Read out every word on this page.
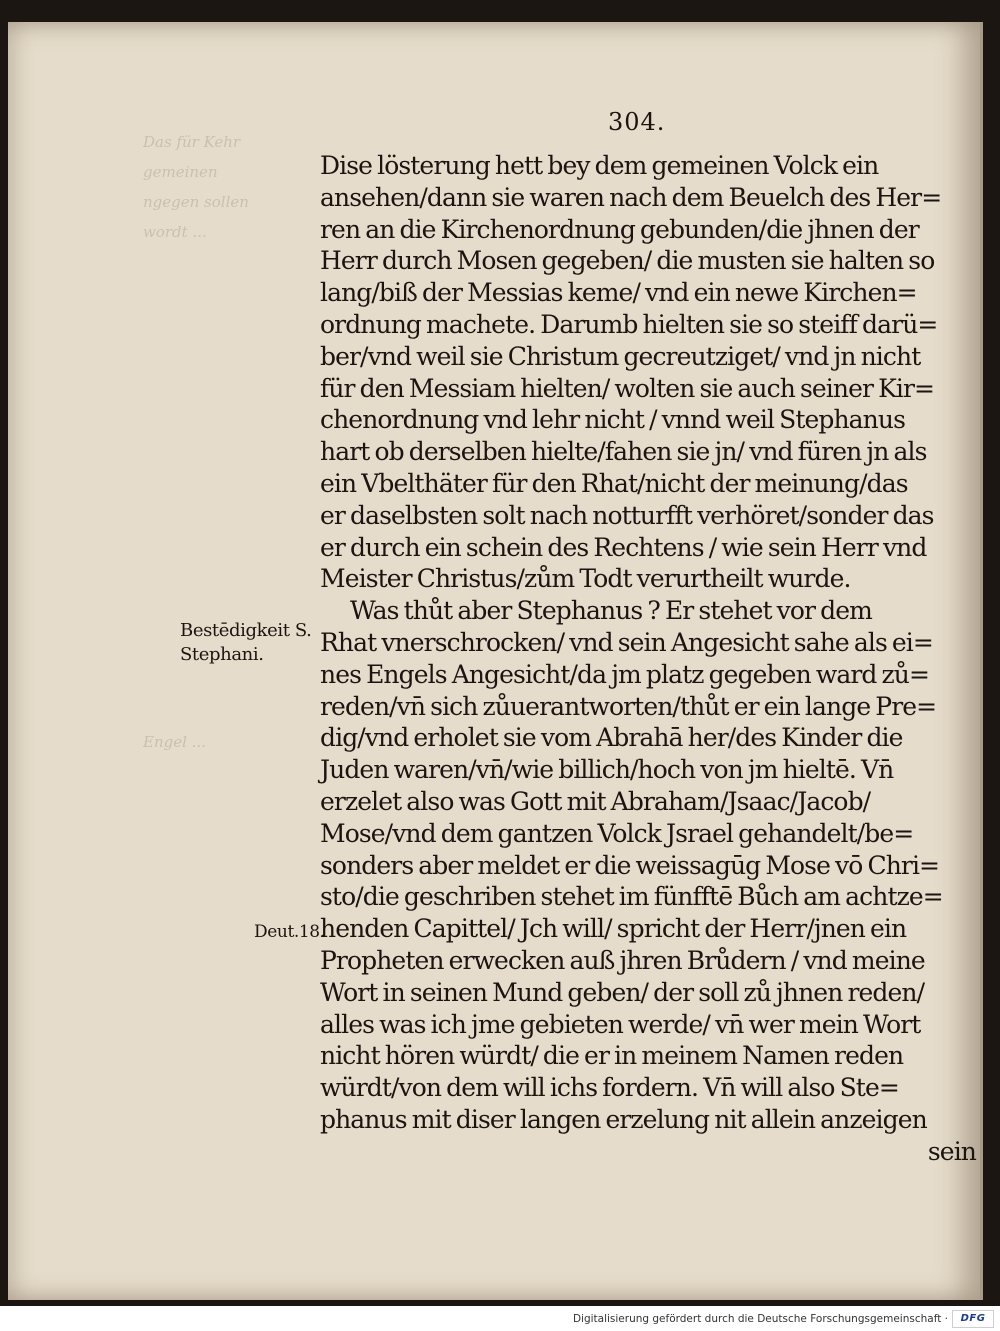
Das für Kehr
gemeinen
ngegen sollen
wordt ...
Engel ...
304.
Dise lösterung hett bey dem gemeinen Volck ein
ansehen/dann sie waren nach dem Beuelch des Her=
ren an die Kirchenordnung gebunden/die jhnen der
Herr durch Mosen gegeben/ die musten sie halten so
lang/biß der Messias keme/ vnd ein newe Kirchen=
ordnung machete. Darumb hielten sie so steiff darü=
ber/vnd weil sie Christum gecreutziget/ vnd jn nicht
für den Messiam hielten/ wolten sie auch seiner Kir=
chenordnung vnd lehr nicht / vnnd weil Stephanus
hart ob derselben hielte/fahen sie jn/ vnd füren jn als
ein Vbelthäter für den Rhat/nicht der meinung/das
er daselbsten solt nach notturfft verhöret/sonder das
er durch ein schein des Rechtens / wie sein Herr vnd
Meister Christus/zům Todt verurtheilt wurde.
Was thůt aber Stephanus ? Er stehet vor dem
Rhat vnerschrocken/ vnd sein Angesicht sahe als ei=
nes Engels Angesicht/da jm platz gegeben ward zů=
reden/vn̄ sich zůuerantworten/thůt er ein lange Pre=
dig/vnd erholet sie vom Abrahā her/des Kinder die
Juden waren/vn̄/wie billich/hoch von jm hieltē. Vn̄
erzelet also was Gott mit Abraham/Jsaac/Jacob/
Mose/vnd dem gantzen Volck Jsrael gehandelt/be=
sonders aber meldet er die weissagūg Mose vō Chri=
sto/die geschriben stehet im fünfftē Bůch am achtze=
henden Capittel/ Jch will/ spricht der Herr/jnen ein
Propheten erwecken auß jhren Brůdern / vnd meine
Wort in seinen Mund geben/ der soll zů jhnen reden/
alles was ich jme gebieten werde/ vn̄ wer mein Wort
nicht hören würdt/ die er in meinem Namen reden
würdt/von dem will ichs fordern. Vn̄ will also Ste=
phanus mit diser langen erzelung nit allein anzeigen
sein
Bestēdigkeit S.
Stephani.
Deut.18.
Digitalisierung gefördert durch die Deutsche Forschungsgemeinschaft ·	DFG
